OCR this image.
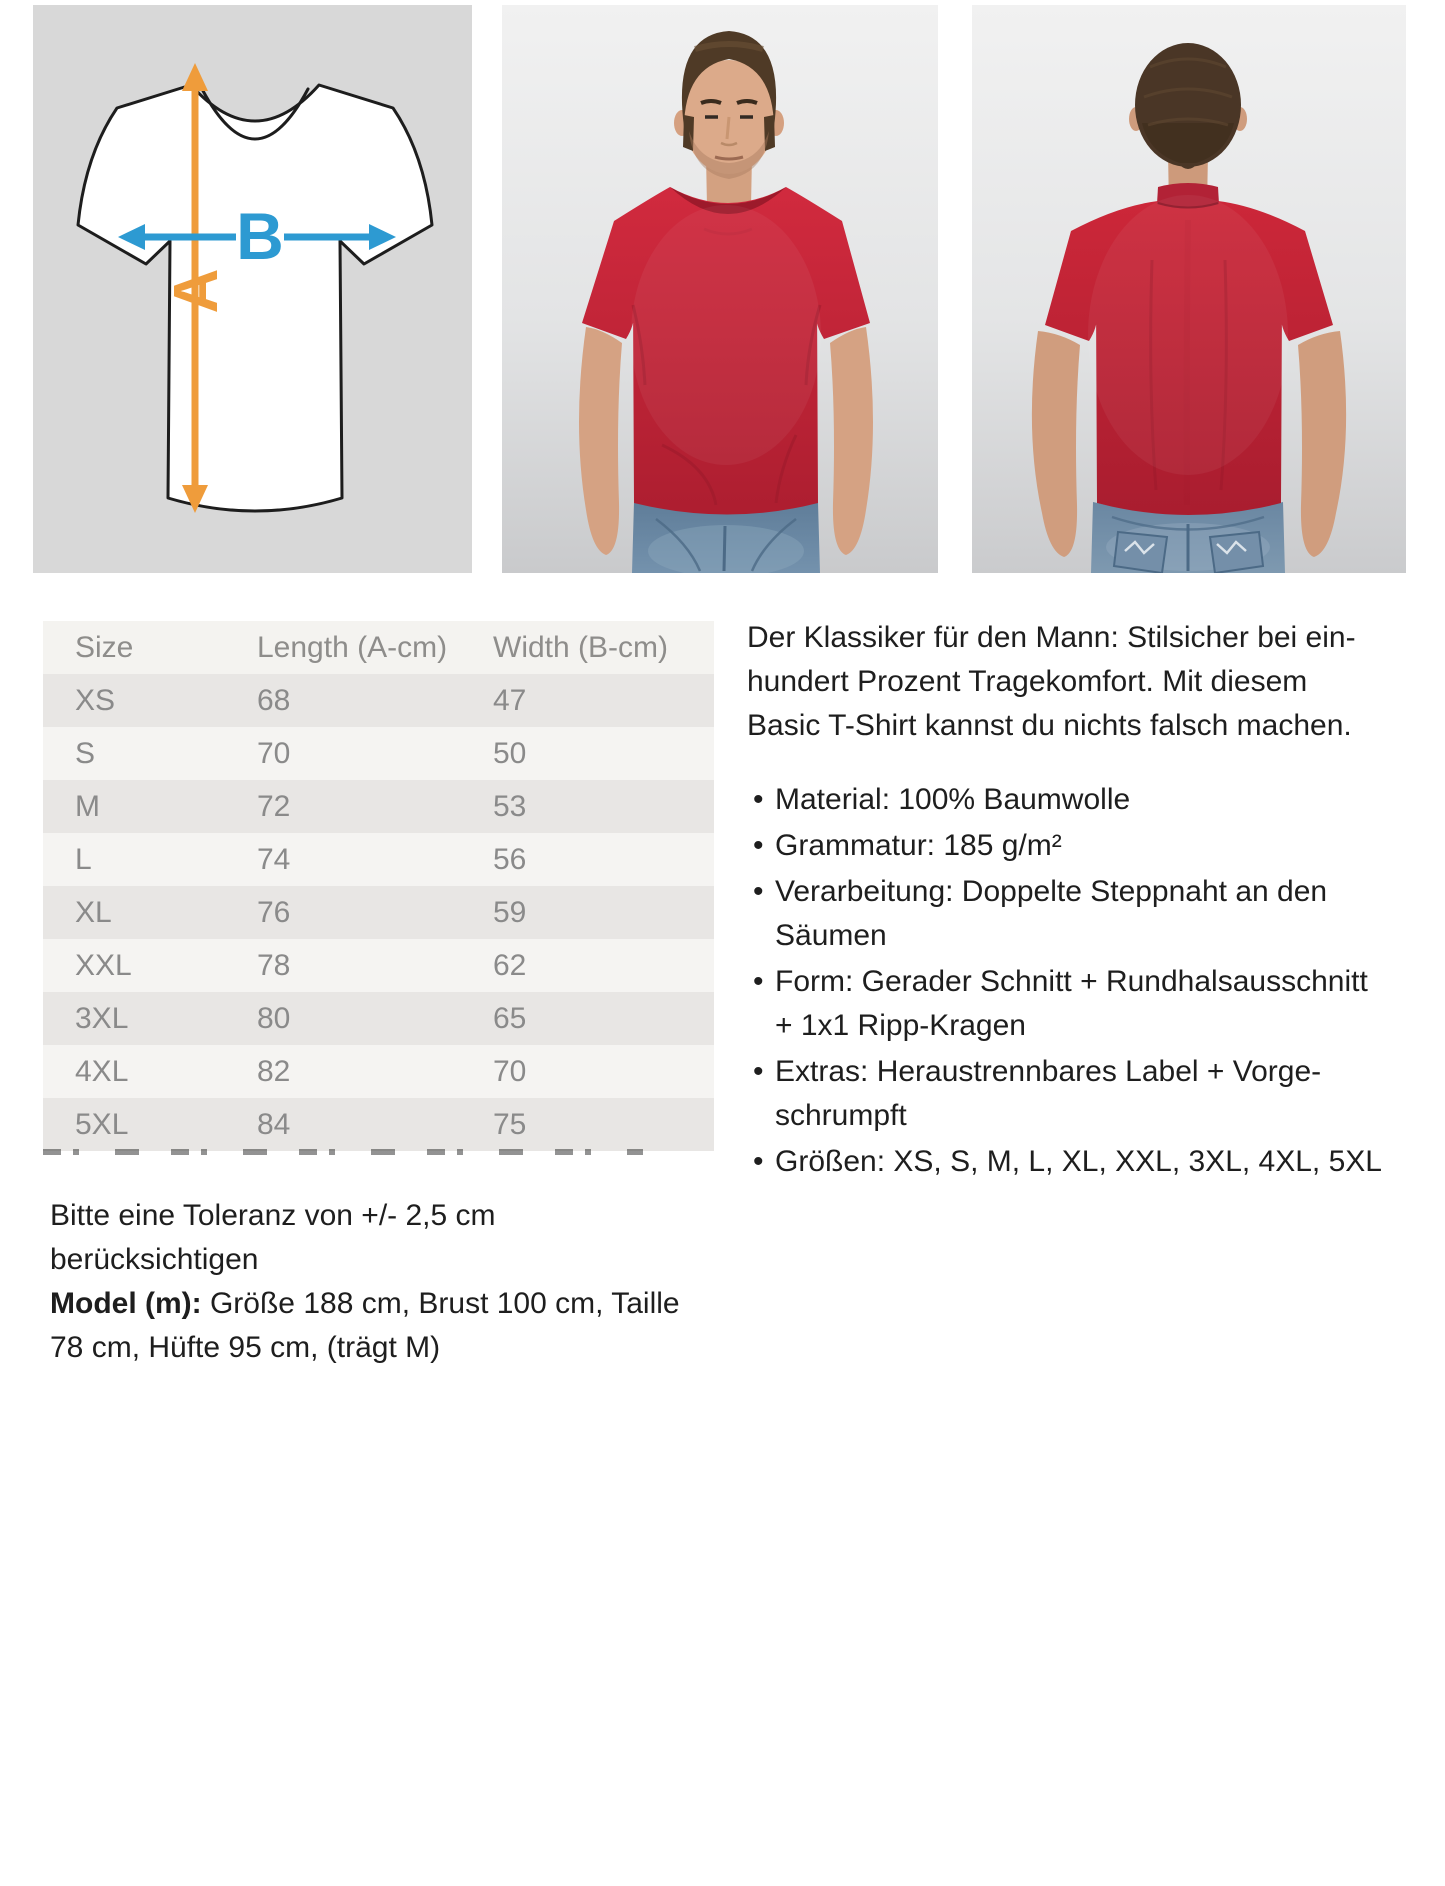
A
B
Size	Length (A-cm)	Width (B-cm)
XS	68	47
S	70	50
M	72	53
L	74	56
XL	76	59
XXL	78	62
3XL	80	65
4XL	82	70
5XL	84	75

Der Klassiker für den Mann: Stilsicher bei ein-
hundert Prozent Tragekomfort. Mit diesem
Basic T-Shirt kannst du nichts falsch machen.

• Material: 100% Baumwolle
• Grammatur: 185 g/m²
• Verarbeitung: Doppelte Steppnaht an den
Säumen
• Form: Gerader Schnitt + Rundhalsausschnitt
+ 1x1 Ripp-Kragen
• Extras: Heraustrennbares Label + Vorge-
schrumpft
• Größen: XS, S, M, L, XL, XXL, 3XL, 4XL, 5XL
Bitte eine Toleranz von +/- 2,5 cm berücksichtigen
Model (m): Größe 188 cm, Brust 100 cm, Taille
78 cm, Hüfte 95 cm, (trägt M)
